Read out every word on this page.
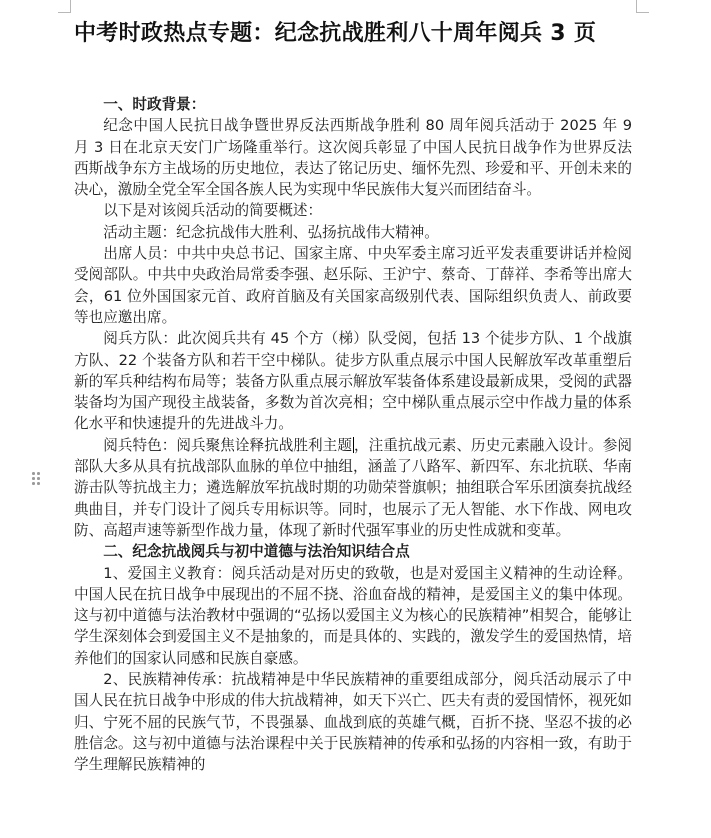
中考时政热点专题：纪念抗战胜利八十周年阅兵 3 页

一、时政背景：

纪念中国人民抗日战争暨世界反法西斯战争胜利 80 周年阅兵活动于 2025 年 9 月 3 日在北京天安门广场隆重举行。这次阅兵彰显了中国人民抗日战争作为世界反法西斯战争东方主战场的历史地位，表达了铭记历史、缅怀先烈、珍爱和平、开创未来的决心，激励全党全军全国各族人民为实现中华民族伟大复兴而团结奋斗。

以下是对该阅兵活动的简要概述：

活动主题：纪念抗战伟大胜利、弘扬抗战伟大精神。

出席人员：中共中央总书记、国家主席、中央军委主席习近平发表重要讲话并检阅受阅部队。中共中央政治局常委李强、赵乐际、王沪宁、蔡奇、丁薛祥、李希等出席大会，61 位外国国家元首、政府首脑及有关国家高级别代表、国际组织负责人、前政要等也应邀出席。

阅兵方队：此次阅兵共有 45 个方（梯）队受阅，包括 13 个徒步方队、1 个战旗方队、22 个装备方队和若干空中梯队。徒步方队重点展示中国人民解放军改革重塑后新的军兵种结构布局等；装备方队重点展示解放军装备体系建设最新成果，受阅的武器装备均为国产现役主战装备，多数为首次亮相；空中梯队重点展示空中作战力量的体系化水平和快速提升的先进战斗力。

阅兵特色：阅兵聚焦诠释抗战胜利主题 ，注重抗战元素、历史元素融入设计。参阅部队大多从具有抗战部队血脉的单位中抽组，涵盖了八路军、新四军、东北抗联、华南游击队等抗战主力；遴选解放军抗战时期的功勋荣誉旗帜；抽组联合军乐团演奏抗战经典曲目，并专门设计了阅兵专用标识等。同时，也展示了无人智能、水下作战、网电攻防、高超声速等新型作战力量，体现了新时代强军事业的历史性成就和变革。

二、纪念抗战阅兵与初中道德与法治知识结合点

1、爱国主义教育：阅兵活动是对历史的致敬，也是对爱国主义精神的生动诠释。中国人民在抗日战争中展现出的不屈不挠、浴血奋战的精神，是爱国主义的集中体现。这与初中道德与法治教材中强调的“弘扬以爱国主义为核心的民族精神”相契合，能够让学生深刻体会到爱国主义不是抽象的，而是具体的、实践的，激发学生的爱国热情，培养他们的国家认同感和民族自豪感。

2、民族精神传承：抗战精神是中华民族精神的重要组成部分，阅兵活动展示了中国人民在抗日战争中形成的伟大抗战精神，如天下兴亡、匹夫有责的爱国情怀，视死如归、宁死不屈的民族气节，不畏强暴、血战到底的英雄气概，百折不挠、坚忍不拔的必胜信念。这与初中道德与法治课程中关于民族精神的传承和弘扬的内容相一致，有助于学生理解民族精神的
